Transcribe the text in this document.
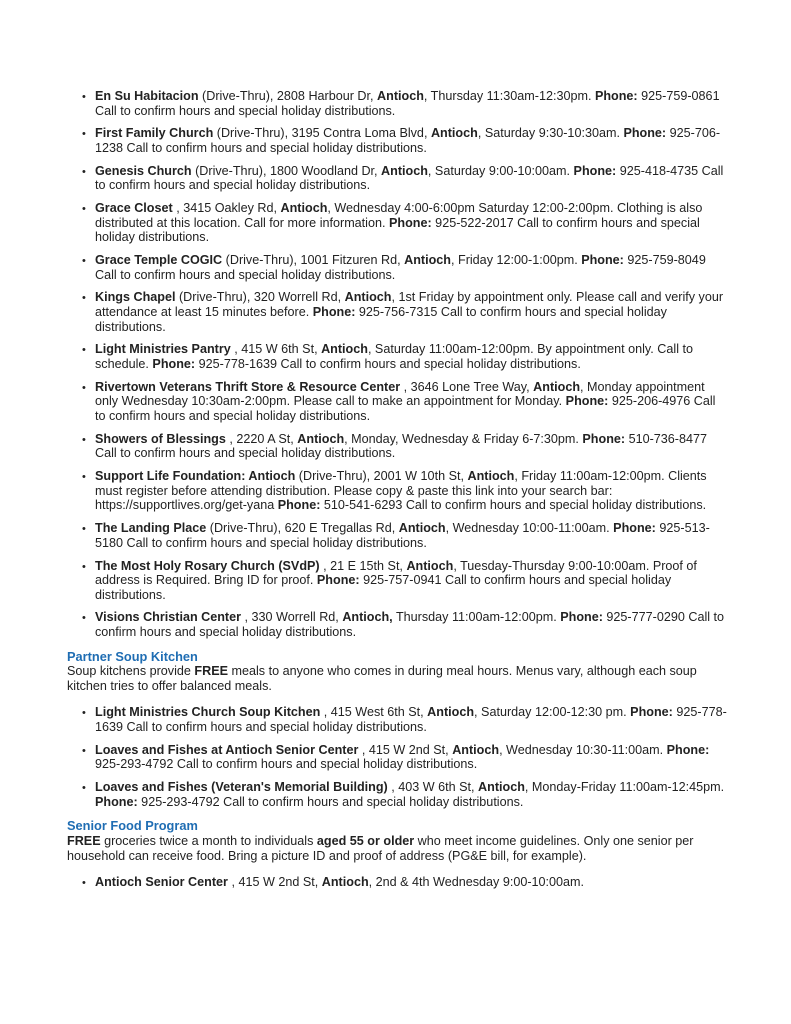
• En Su Habitacion (Drive-Thru), 2808 Harbour Dr, Antioch, Thursday 11:30am-12:30pm. Phone: 925-759-0861 Call to confirm hours and special holiday distributions.
• First Family Church (Drive-Thru), 3195 Contra Loma Blvd, Antioch, Saturday 9:30-10:30am. Phone: 925-706-1238 Call to confirm hours and special holiday distributions.
• Genesis Church (Drive-Thru), 1800 Woodland Dr, Antioch, Saturday 9:00-10:00am. Phone: 925-418-4735 Call to confirm hours and special holiday distributions.
• Grace Closet , 3415 Oakley Rd, Antioch, Wednesday 4:00-6:00pm Saturday 12:00-2:00pm. Clothing is also distributed at this location. Call for more information. Phone: 925-522-2017 Call to confirm hours and special holiday distributions.
• Grace Temple COGIC (Drive-Thru), 1001 Fitzuren Rd, Antioch, Friday 12:00-1:00pm. Phone: 925-759-8049 Call to confirm hours and special holiday distributions.
• Kings Chapel (Drive-Thru), 320 Worrell Rd, Antioch, 1st Friday by appointment only. Please call and verify your attendance at least 15 minutes before. Phone: 925-756-7315 Call to confirm hours and special holiday distributions.
• Light Ministries Pantry , 415 W 6th St, Antioch, Saturday 11:00am-12:00pm. By appointment only. Call to schedule. Phone: 925-778-1639 Call to confirm hours and special holiday distributions.
• Rivertown Veterans Thrift Store & Resource Center , 3646 Lone Tree Way, Antioch, Monday appointment only Wednesday 10:30am-2:00pm. Please call to make an appointment for Monday. Phone: 925-206-4976 Call to confirm hours and special holiday distributions.
• Showers of Blessings , 2220 A St, Antioch, Monday, Wednesday & Friday 6-7:30pm. Phone: 510-736-8477 Call to confirm hours and special holiday distributions.
• Support Life Foundation: Antioch (Drive-Thru), 2001 W 10th St, Antioch, Friday 11:00am-12:00pm. Clients must register before attending distribution. Please copy & paste this link into your search bar: https://supportlives.org/get-yana Phone: 510-541-6293 Call to confirm hours and special holiday distributions.
• The Landing Place (Drive-Thru), 620 E Tregallas Rd, Antioch, Wednesday 10:00-11:00am. Phone: 925-513-5180 Call to confirm hours and special holiday distributions.
• The Most Holy Rosary Church (SVdP) , 21 E 15th St, Antioch, Tuesday-Thursday 9:00-10:00am. Proof of address is Required. Bring ID for proof. Phone: 925-757-0941 Call to confirm hours and special holiday distributions.
• Visions Christian Center , 330 Worrell Rd, Antioch, Thursday 11:00am-12:00pm. Phone: 925-777-0290 Call to confirm hours and special holiday distributions.
Partner Soup Kitchen
Soup kitchens provide FREE meals to anyone who comes in during meal hours. Menus vary, although each soup kitchen tries to offer balanced meals.
• Light Ministries Church Soup Kitchen , 415 West 6th St, Antioch, Saturday 12:00-12:30 pm. Phone: 925-778-1639 Call to confirm hours and special holiday distributions.
• Loaves and Fishes at Antioch Senior Center , 415 W 2nd St, Antioch, Wednesday 10:30-11:00am. Phone: 925-293-4792 Call to confirm hours and special holiday distributions.
• Loaves and Fishes (Veteran's Memorial Building) , 403 W 6th St, Antioch, Monday-Friday 11:00am-12:45pm. Phone: 925-293-4792 Call to confirm hours and special holiday distributions.
Senior Food Program
FREE groceries twice a month to individuals aged 55 or older who meet income guidelines. Only one senior per household can receive food. Bring a picture ID and proof of address (PG&E bill, for example).
• Antioch Senior Center , 415 W 2nd St, Antioch, 2nd & 4th Wednesday 9:00-10:00am.
